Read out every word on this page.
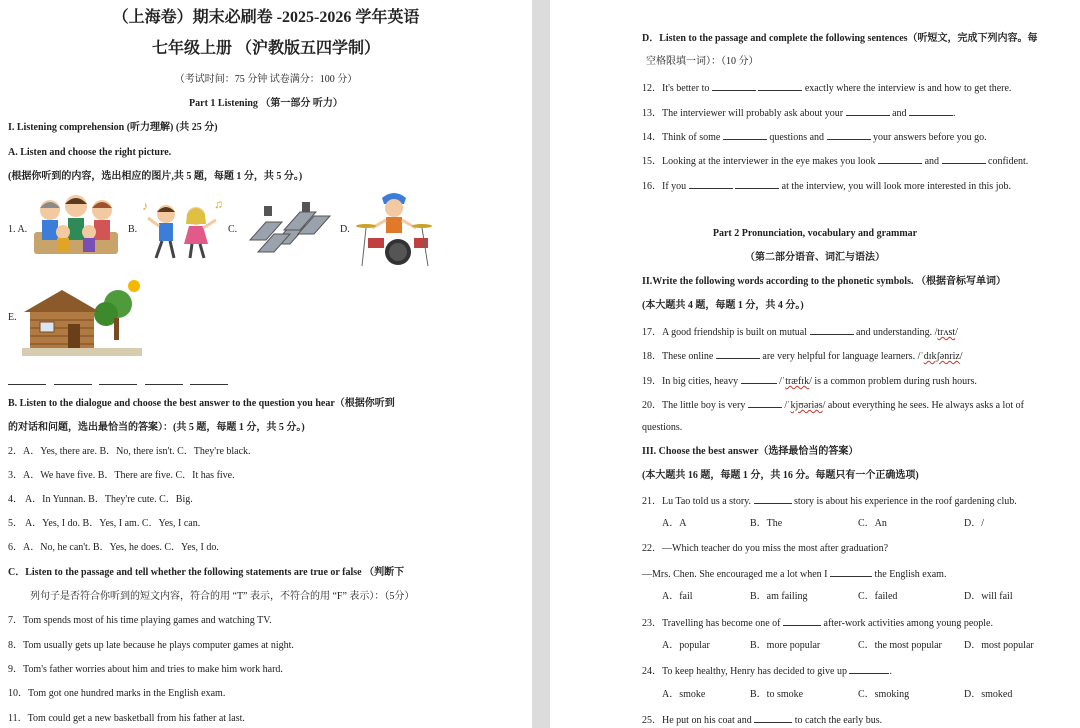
（上海卷）期末必刷卷 -2025-2026 学年英语
七年级上册 （沪教版五四学制）
（考试时间：75 分钟 试卷满分：100 分）
Part 1 Listening （第一部分 听力）
I. Listening comprehension (听力理解) (共 25 分)
A. Listen and choose the right picture.
(根据你听到的内容，选出相应的图片,共 5 题，每题 1 分，共 5 分。)
1. A.	B.
♪	♫
C.	D.
E.

B. Listen to the dialogue and choose the best answer to the question you hear（根据你听到
的对话和问题，选出最恰当的答案）：(共 5 题，每题 1 分，共 5 分。)
2．A．Yes, there are. B．No, there isn't. C．They're black.
3．A．We have five. B．There are five. C．It has five.
4． A．In Yunnan. B．They're cute. C．Big.
5． A．Yes, I do. B．Yes, I am. C．Yes, I can.
6．A．No, he can't. B．Yes, he does. C．Yes, I do.
C．Listen to the passage and tell whether the following statements are true or false （判断下
列句子是否符合你听到的短文内容，符合的用 “T” 表示，不符合的用 “F” 表示）：（5分）
7．Tom spends most of his time playing games and watching TV.
8．Tom usually gets up late because he plays computer games at night.
9．Tom's father worries about him and tries to make him work hard.
10．Tom got one hundred marks in the English exam.
11．Tom could get a new basketball from his father at last.
D．Listen to the passage and complete the following sentences（听短文，完成下列内容。每
空格限填一词）：（10 分）
12．It's better to	exactly where the interview is and how to get there.
13．The interviewer will probably ask about your	and	.
14．Think of some	questions and	your answers before you go.
15．Looking at the interviewer in the eye makes you look	and	confident.
16．If you	at the interview, you will look more interested in this job.
Part 2 Pronunciation, vocabulary and grammar
（第二部分语音、词汇与语法）
II.Write the following words according to the phonetic symbols. （根据音标写单词）
(本大题共 4 题，每题 1 分，共 4 分。)
17．A good friendship is built on mutual	and understanding. /trʌst/
18．These online	are very helpful for language learners. /ˈdɪkʃənriz/
19．In big cities, heavy	/ˈtræfɪk/ is a common problem during rush hours.
20．The little boy is very	/ˈkjʊəriəs/ about everything he sees. He always asks a lot of
questions.
III. Choose the best answer（选择最恰当的答案）
(本大题共 16 题，每题 1 分，共 16 分。每题只有一个正确选项)
21．Lu Tao told us a story.	story is about his experience in the roof gardening club.
A．A	B．The	C．An	D．/
22．—Which teacher do you miss the most after graduation?
—Mrs. Chen. She encouraged me a lot when I	the English exam.
A．fail	B．am failing	C．failed	D．will fail
23．Travelling has become one of	after-work activities among young people.
A．popular	B．more popular	C．the most popular D．most popular
24．To keep healthy, Henry has decided to give up	.
A．smoke	B．to smoke	C．smoking	D．smoked
25．He put on his coat and	to catch the early bus.
